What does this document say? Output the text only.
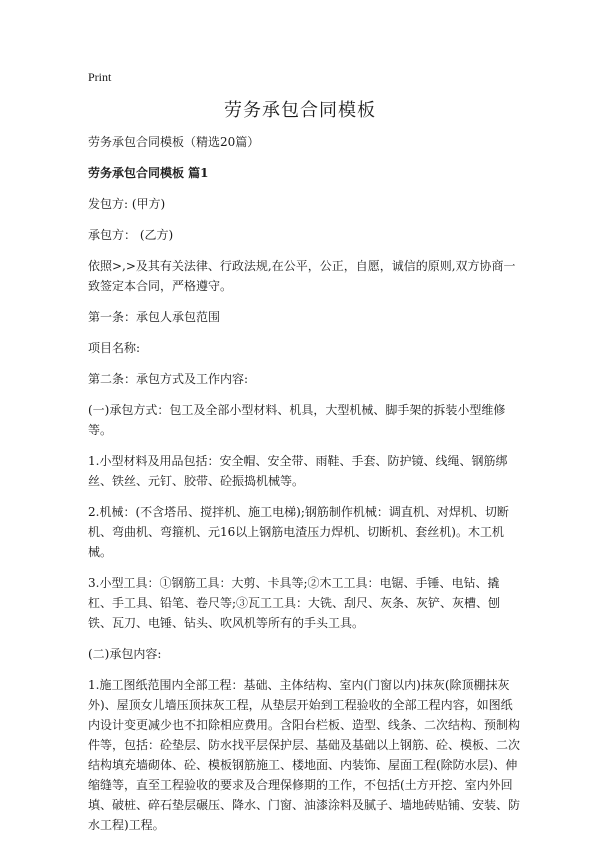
Print
劳务承包合同模板

劳务承包合同模板（精选20篇）

劳务承包合同模板 篇1

发包方: (甲方)

承包方： (乙方)

依照>,>及其有关法律、行政法规,在公平，公正，自愿，诚信的原则,双方协商一致签定本合同，严格遵守。

第一条：承包人承包范围

项目名称:

第二条：承包方式及工作内容:

(一)承包方式：包工及全部小型材料、机具，大型机械、脚手架的拆装小型维修等。

1.小型材料及用品包括：安全帽、安全带、雨鞋、手套、防护镜、线绳、钢筋绑丝、铁丝、元钉、胶带、砼振捣机械等。

2.机械：(不含塔吊、搅拌机、施工电梯);钢筋制作机械：调直机、对焊机、切断机、弯曲机、弯箍机、元16以上钢筋电渣压力焊机、切断机、套丝机)。木工机械。

3.小型工具：①钢筋工具：大剪、卡具等;②木工工具：电锯、手锤、电钻、撬杠、手工具、铅笔、卷尺等;③瓦工工具：大铣、刮尺、灰条、灰铲、灰槽、刨铁、瓦刀、电锤、钻头、吹风机等所有的手头工具。

(二)承包内容:

1.施工图纸范围内全部工程：基础、主体结构、室内(门窗以内)抹灰(除顶棚抹灰外)、屋顶女儿墙压顶抹灰工程，从垫层开始到工程验收的全部工程内容，如图纸内设计变更减少也不扣除相应费用。含阳台栏板、造型、线条、二次结构、预制构件等，包括：砼垫层、防水找平层保护层、基础及基础以上钢筋、砼、模板、二次结构填充墙砌体、砼、模板钢筋施工、楼地面、内装饰、屋面工程(除防水层)、伸缩缝等，直至工程验收的要求及合理保修期的工作，不包括(土方开挖、室内外回填、破桩、碎石垫层碾压、降水、门窗、油漆涂料及腻子、墙地砖贴铺、安装、防水工程)工程。
